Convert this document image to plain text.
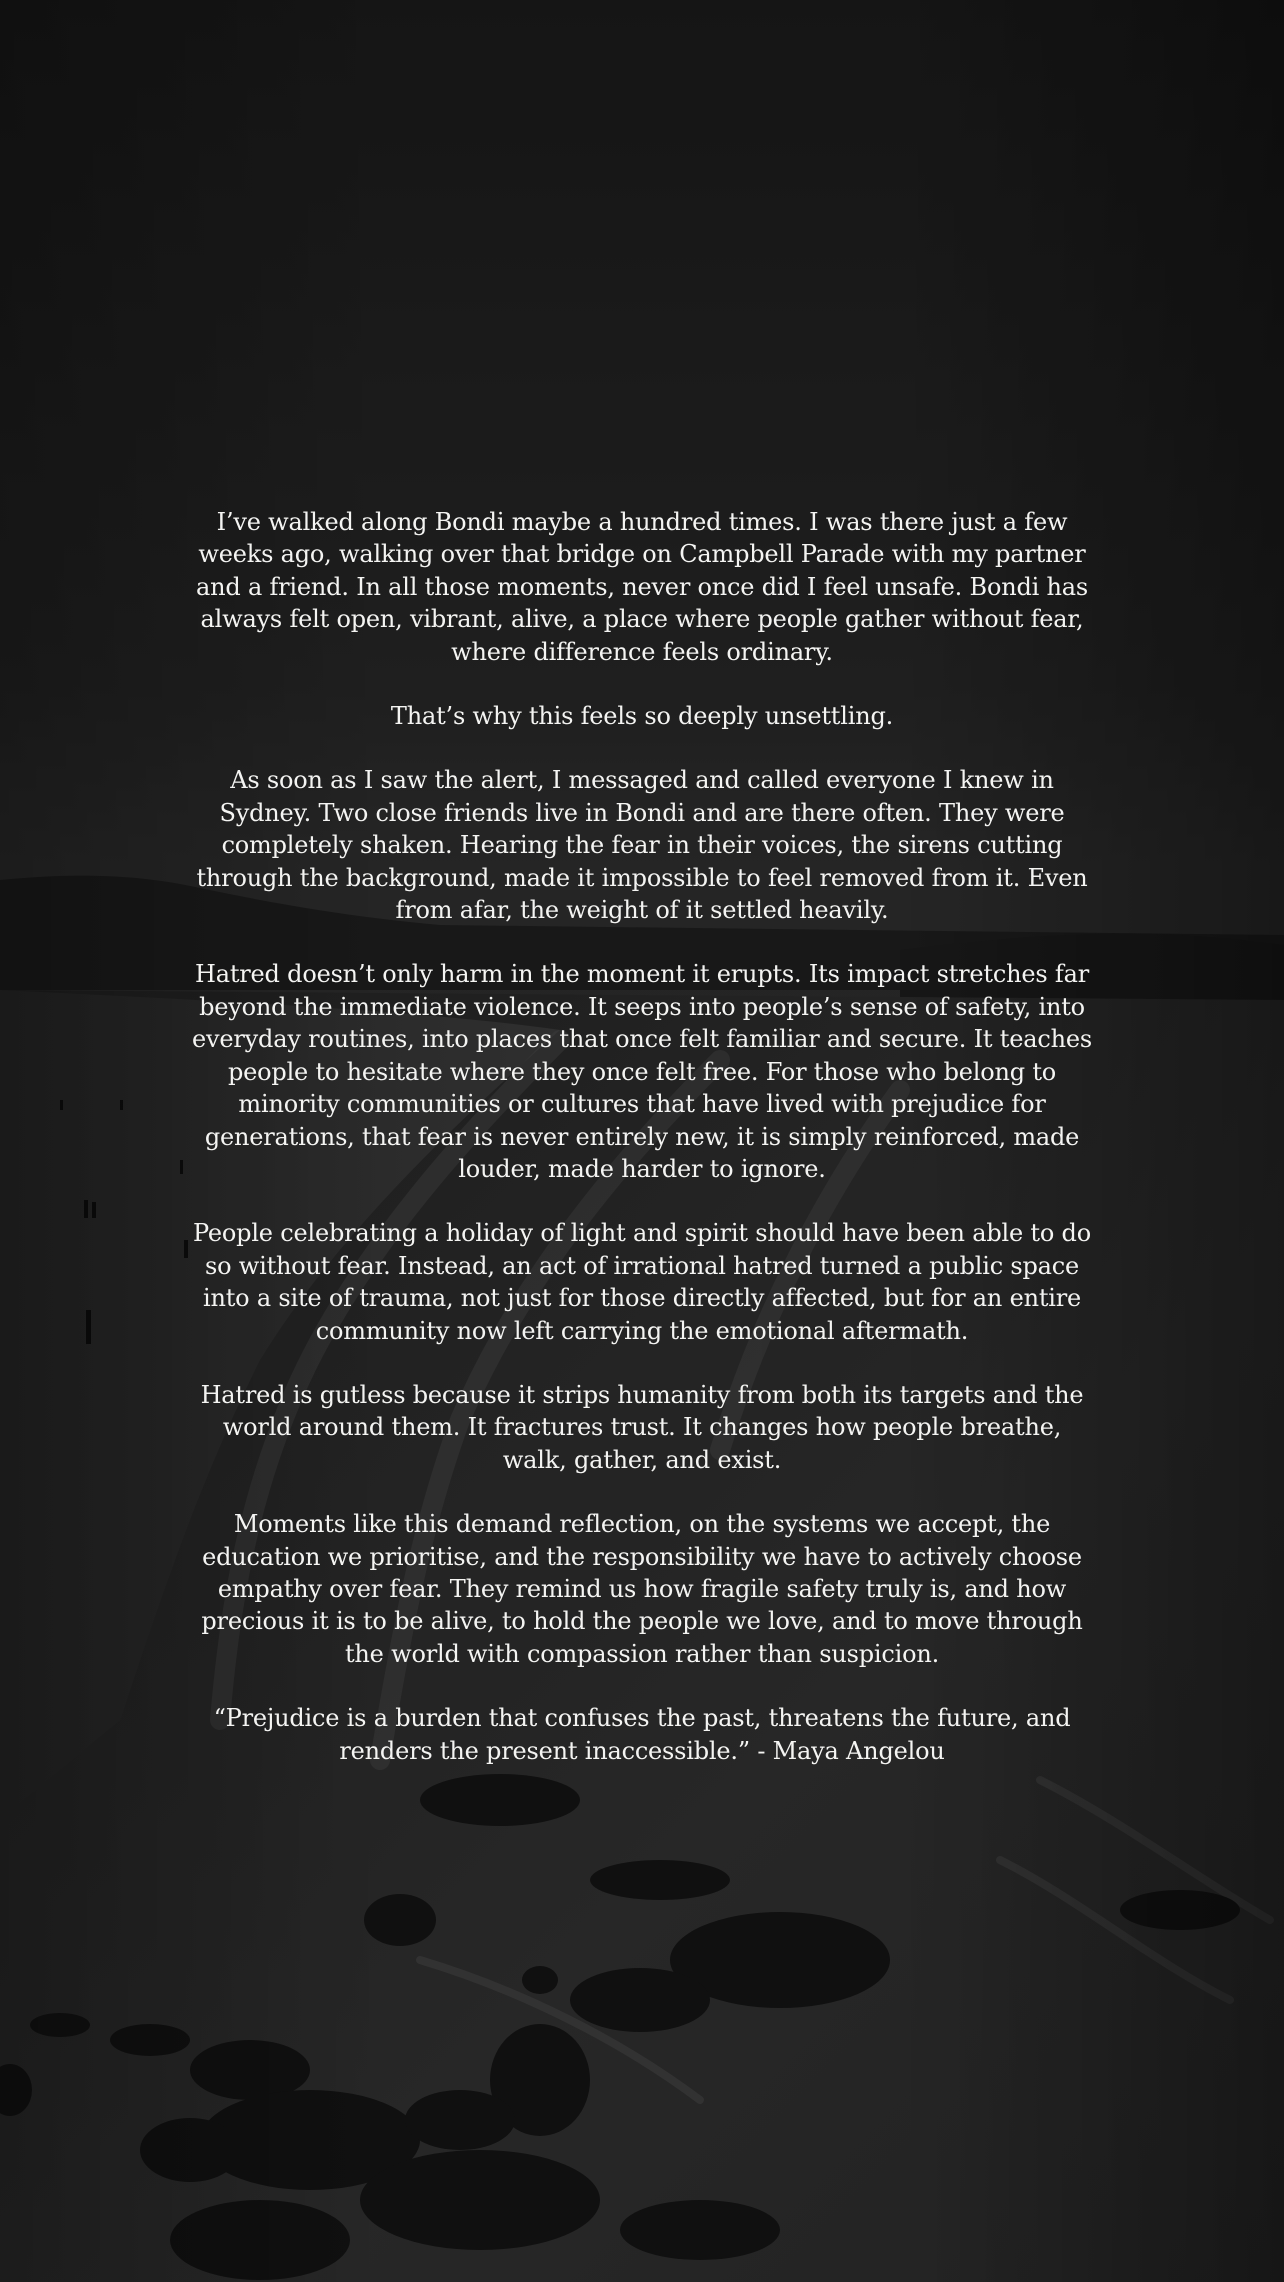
I’ve walked along Bondi maybe a hundred times. I was there just a few weeks ago, walking over that bridge on Campbell Parade with my partner and a friend. In all those moments, never once did I feel unsafe. Bondi has always felt open, vibrant, alive, a place where people gather without fear, where difference feels ordinary.

That’s why this feels so deeply unsettling.

As soon as I saw the alert, I messaged and called everyone I knew in Sydney. Two close friends live in Bondi and are there often. They were completely shaken. Hearing the fear in their voices, the sirens cutting through the background, made it impossible to feel removed from it. Even from afar, the weight of it settled heavily.

Hatred doesn’t only harm in the moment it erupts. Its impact stretches far beyond the immediate violence. It seeps into people’s sense of safety, into everyday routines, into places that once felt familiar and secure. It teaches people to hesitate where they once felt free. For those who belong to minority communities or cultures that have lived with prejudice for generations, that fear is never entirely new, it is simply reinforced, made louder, made harder to ignore.

People celebrating a holiday of light and spirit should have been able to do so without fear. Instead, an act of irrational hatred turned a public space into a site of trauma, not just for those directly affected, but for an entire community now left carrying the emotional aftermath.

Hatred is gutless because it strips humanity from both its targets and the world around them. It fractures trust. It changes how people breathe, walk, gather, and exist.

Moments like this demand reflection, on the systems we accept, the education we prioritise, and the responsibility we have to actively choose empathy over fear. They remind us how fragile safety truly is, and how precious it is to be alive, to hold the people we love, and to move through the world with compassion rather than suspicion.

“Prejudice is a burden that confuses the past, threatens the future, and renders the present inaccessible.” - Maya Angelou
